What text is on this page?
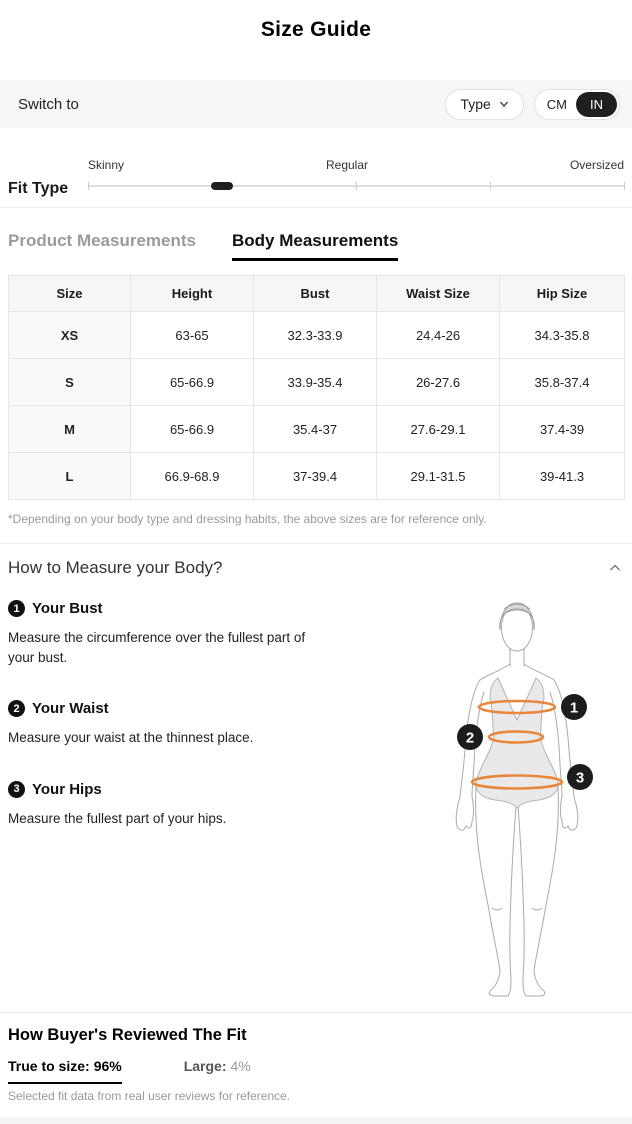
Size Guide
Switch to	Type	CM	IN
Fit Type
Skinny	Regular	Oversized
Product Measurements Body Measurements
Size	Height	Bust	Waist Size	Hip Size
XS	63-65	32.3-33.9	24.4-26	34.3-35.8
S	65-66.9	33.9-35.4	26-27.6	35.8-37.4
M	65-66.9	35.4-37	27.6-29.1	37.4-39
L	66.9-68.9	37-39.4	29.1-31.5	39-41.3

*Depending on your body type and dressing habits, the above sizes are for reference only.

How to Measure your Body?
1 Your Bust
Measure the circumference over the fullest part of your bust.
2 Your Waist
Measure your waist at the thinnest place.
3 Your Hips
Measure the fullest part of your hips.
1
2
3
How Buyer's Reviewed The Fit
True to size: 96%	Large: 4%

Selected fit data from real user reviews for reference.
